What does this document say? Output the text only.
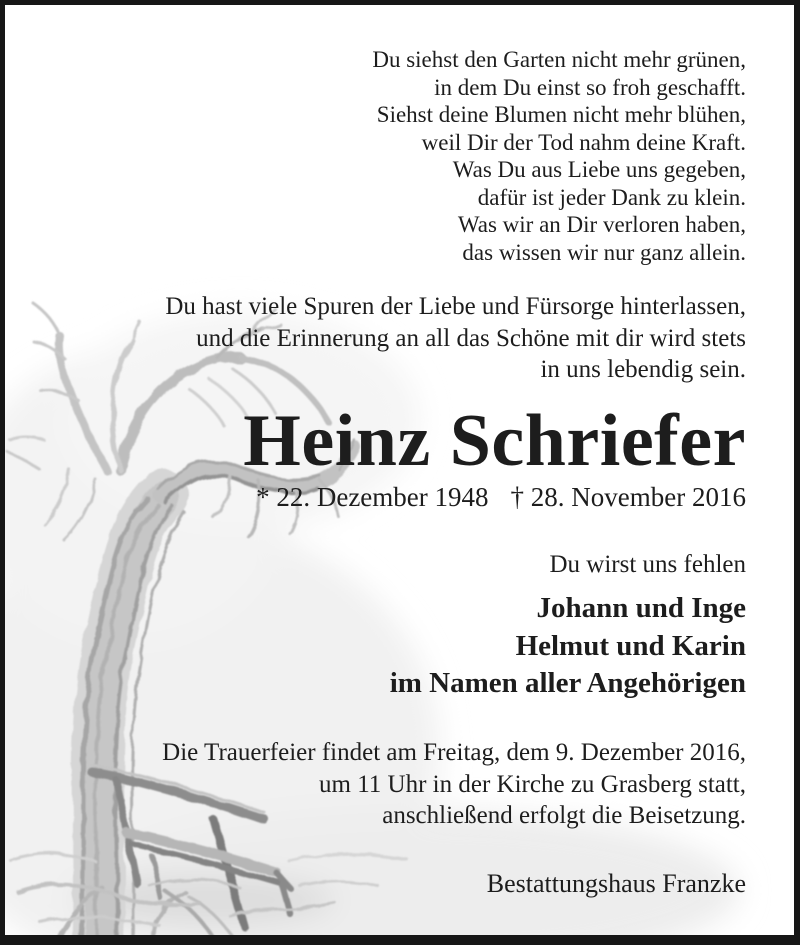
Du siehst den Garten nicht mehr grünen,
in dem Du einst so froh geschafft.
Siehst deine Blumen nicht mehr blühen,
weil Dir der Tod nahm deine Kraft.
Was Du aus Liebe uns gegeben,
dafür ist jeder Dank zu klein.
Was wir an Dir verloren haben,
das wissen wir nur ganz allein.
Du hast viele Spuren der Liebe und Fürsorge hinterlassen,
und die Erinnerung an all das Schöne mit dir wird stets
in uns lebendig sein.
Heinz Schriefer
* 22. Dezember 1948 † 28. November 2016
Du wirst uns fehlen
Johann und Inge
Helmut und Karin
im Namen aller Angehörigen
Die Trauerfeier findet am Freitag, dem 9. Dezember 2016,
um 11 Uhr in der Kirche zu Grasberg statt,
anschließend erfolgt die Beisetzung.
Bestattungshaus Franzke
